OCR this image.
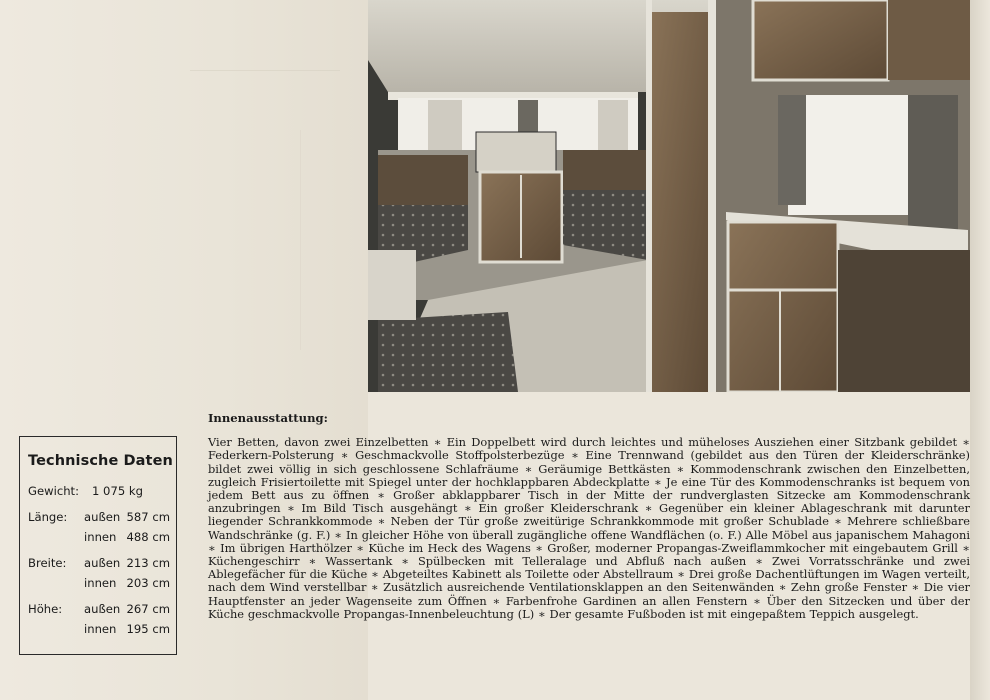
Technische Daten
Gewicht: 1 075 kg
Länge: außen 587 cm
innen 488 cm
Breite: außen 213 cm
innen 203 cm
Höhe: außen 267 cm
innen 195 cm
Innenausstattung:
Vier Betten, davon zwei Einzelbetten ∗ Ein Doppelbett wird durch leichtes und müheloses Ausziehen einer Sitzbank gebildet ∗ Federkern-Polsterung ∗ Geschmackvolle Stoffpolsterbezüge ∗ Eine Trennwand (gebildet aus den Türen der Kleiderschränke) bildet zwei völlig in sich geschlossene Schlafräume ∗ Geräumige Bettkästen ∗ Kommodenschrank zwischen den Einzelbetten, zugleich Frisiertoilette mit Spiegel unter der hochklappbaren Abdeckplatte ∗ Je eine Tür des Kommodenschranks ist bequem von jedem Bett aus zu öffnen ∗ Großer abklappbarer Tisch in der Mitte der rundverglasten Sitzecke am Kommodenschrank anzubringen ∗ Im Bild Tisch ausgehängt ∗ Ein großer Kleiderschrank ∗ Gegenüber ein kleiner Ablageschrank mit darunter liegender Schrankkommode ∗ Neben der Tür große zweitürige Schrankkommode mit großer Schublade ∗ Mehrere schließbare Wandschränke (g. F.) ∗ In gleicher Höhe von überall zugängliche offene Wandflächen (o. F.) Alle Möbel aus japanischem Mahagoni ∗ Im übrigen Harthölzer ∗ Küche im Heck des Wagens ∗ Großer, moderner Propangas-Zweiflammkocher mit eingebautem Grill ∗ Küchengeschirr ∗ Wassertank ∗ Spülbecken mit Telleralage und Abfluß nach außen ∗ Zwei Vorratsschränke und zwei Ablegefächer für die Küche ∗ Abgeteiltes Kabinett als Toilette oder Abstellraum ∗ Drei große Dachentlüftungen im Wagen verteilt, nach dem Wind verstellbar ∗ Zusätzlich ausreichende Ventilationsklappen an den Seitenwänden ∗ Zehn große Fenster ∗ Die vier Hauptfenster an jeder Wagenseite zum Öffnen ∗ Farbenfrohe Gardinen an allen Fenstern ∗ Über den Sitzecken und über der Küche geschmackvolle Propangas-Innenbeleuchtung (L) ∗ Der gesamte Fußboden ist mit eingepaßtem Teppich ausgelegt.
